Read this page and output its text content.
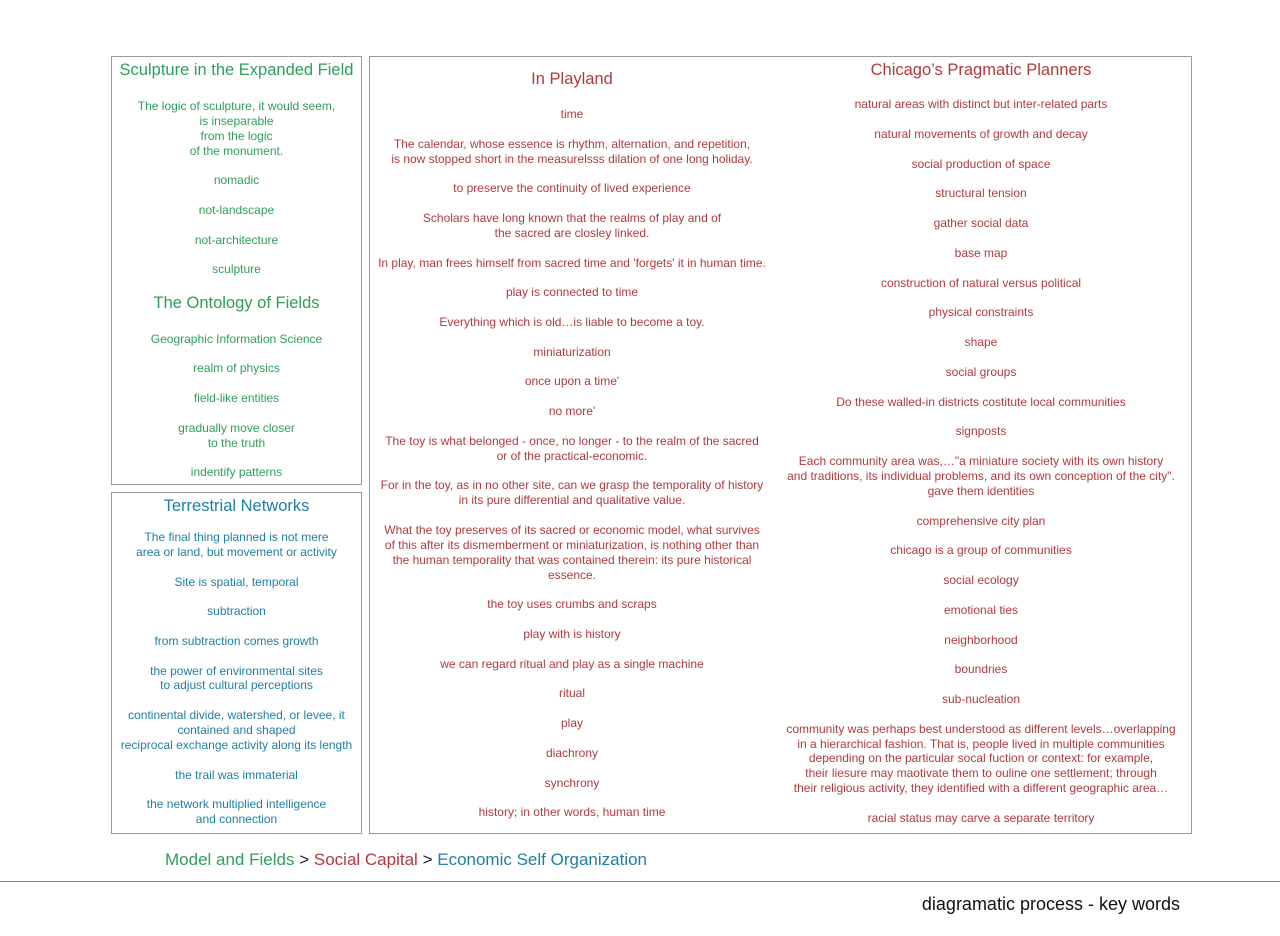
Sculpture in the Expanded Field

The logic of sculpture, it would seem,

is inseparable

from the logic

of the monument.

nomadic

not-landscape

not-architecture

sculpture

The Ontology of Fields

Geographic Information Science

realm of physics

field-like entities

gradually move closer

to the truth

indentify patterns

Terrestrial Networks

The final thing planned is not mere

area or land, but movement or activity

Site is spatial, temporal

subtraction

from subtraction comes growth

the power of environmental sites

to adjust cultural perceptions

continental divide, watershed, or levee, it

contained and shaped

reciprocal exchange activity along its length

the trail was immaterial

the network multiplied intelligence

and connection

In Playland

time

The calendar, whose essence is rhythm, alternation, and repetition,

is now stopped short in the measurelsss dilation of one long holiday.

to preserve the continuity of lived experience

Scholars have long known that the realms of play and of

the sacred are closley linked.

In play, man frees himself from sacred time and 'forgets' it in human time.

play is connected to time

Everything which is old…is liable to become a toy.

miniaturization

once upon a time'

no more'

The toy is what belonged - once, no longer - to the realm of the sacred

or of the practical-economic.

For in the toy, as in no other site, can we grasp the temporality of history

in its pure differential and qualitative value.

What the toy preserves of its sacred or economic model, what survives

of this after its dismemberment or miniaturization, is nothing other than

the human temporality that was contained therein: its pure historical

essence.

the toy uses crumbs and scraps

play with is history

we can regard ritual and play as a single machine

ritual

play

diachrony

synchrony

history; in other words, human time

Chicago’s Pragmatic Planners

natural areas with distinct but inter-related parts

natural movements of growth and decay

social production of space

structural tension

gather social data

base map

construction of natural versus political

physical constraints

shape

social groups

Do these walled-in districts costitute local communities

signposts

Each community area was,…"a miniature society with its own history

and traditions, its individual problems, and its own conception of the city".

gave them identities

comprehensive city plan

chicago is a group of communities

social ecology

emotional ties

neighborhood

boundries

sub-nucleation

community was perhaps best understood as different levels…overlapping

in a hierarchical fashion. That is, people lived in multiple communities

depending on the particular socal fuction or context: for example,

their liesure may maotivate them to ouline one settlement; through

their religious activity, they identified with a different geographic area…

racial status may carve a separate territory

Model and Fields > Social Capital > Economic Self Organization

diagramatic process - key words
